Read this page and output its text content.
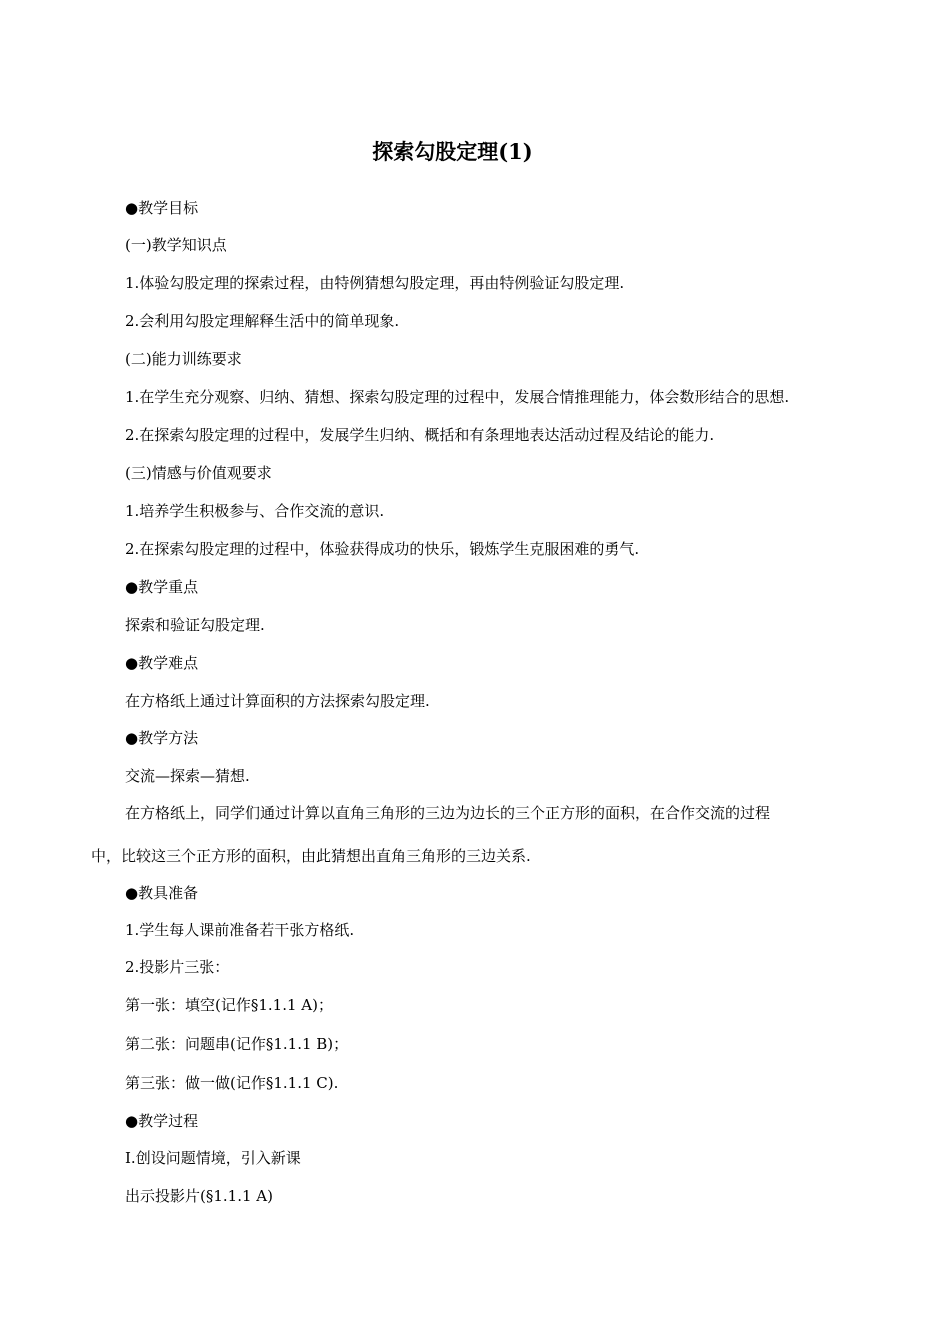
探索勾股定理(1)
●教学目标
(一)教学知识点
1.体验勾股定理的探索过程，由特例猜想勾股定理，再由特例验证勾股定理.
2.会利用勾股定理解释生活中的简单现象.
(二)能力训练要求
1.在学生充分观察、归纳、猜想、探索勾股定理的过程中，发展合情推理能力，体会数形结合的思想.
2.在探索勾股定理的过程中，发展学生归纳、概括和有条理地表达活动过程及结论的能力.
(三)情感与价值观要求
1.培养学生积极参与、合作交流的意识.
2.在探索勾股定理的过程中，体验获得成功的快乐，锻炼学生克服困难的勇气.
●教学重点
探索和验证勾股定理.
●教学难点
在方格纸上通过计算面积的方法探索勾股定理.
●教学方法
交流—探索—猜想.
在方格纸上，同学们通过计算以直角三角形的三边为边长的三个正方形的面积，在合作交流的过程
中，比较这三个正方形的面积，由此猜想出直角三角形的三边关系.
●教具准备
1.学生每人课前准备若干张方格纸.
2.投影片三张：
第一张：填空(记作§1.1.1 A)；
第二张：问题串(记作§1.1.1 B)；
第三张：做一做(记作§1.1.1 C).
●教学过程
Ⅰ.创设问题情境，引入新课
出示投影片(§1.1.1 A)
